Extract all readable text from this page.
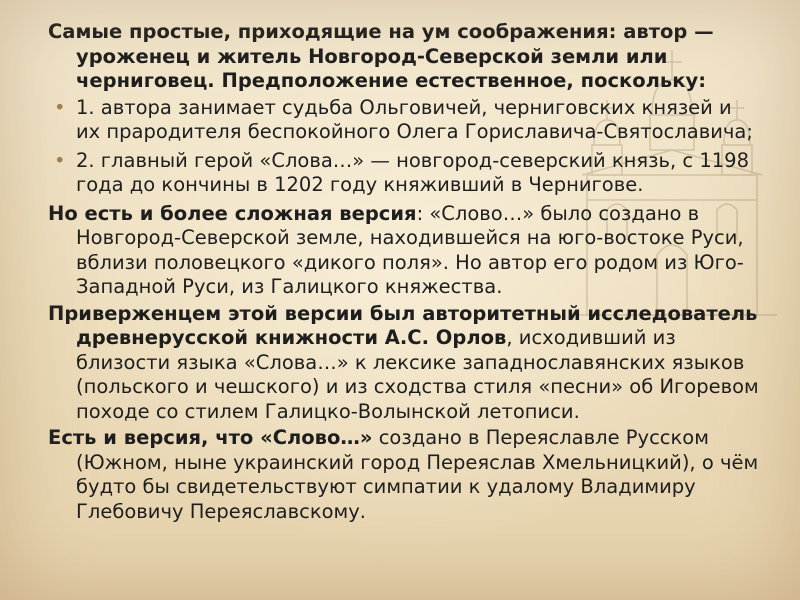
Самые простые, приходящие на ум соображения: автор — уроженец и житель Новгород-Северской земли или черниговец. Предположение естественное, поскольку:

• 1. автора занимает судьба Ольговичей, черниговских князей и их прародителя беспокойного Олега Гориславича-Святославича;
• 2. главный герой «Слова…» — новгород-северский князь, с 1198 года до кончины в 1202 году княживший в Чернигове.

Но есть и более сложная версия: «Слово…» было создано в Новгород-Северской земле, находившейся на юго-востоке Руси, вблизи половецкого «дикого поля». Но автор его родом из Юго-Западной Руси, из Галицкого княжества.

Приверженцем этой версии был авторитетный исследователь древнерусской книжности А.С. Орлов, исходивший из близости языка «Слова…» к лексике западнославянских языков (польского и чешского) и из сходства стиля «песни» об Игоревом походе со стилем Галицко-Волынской летописи.

Есть и версия, что «Слово…» создано в Переяславле Русском (Южном, ныне украинский город Переяслав Хмельницкий), о чём будто бы свидетельствуют симпатии к удалому Владимиру Глебовичу Переяславскому.
